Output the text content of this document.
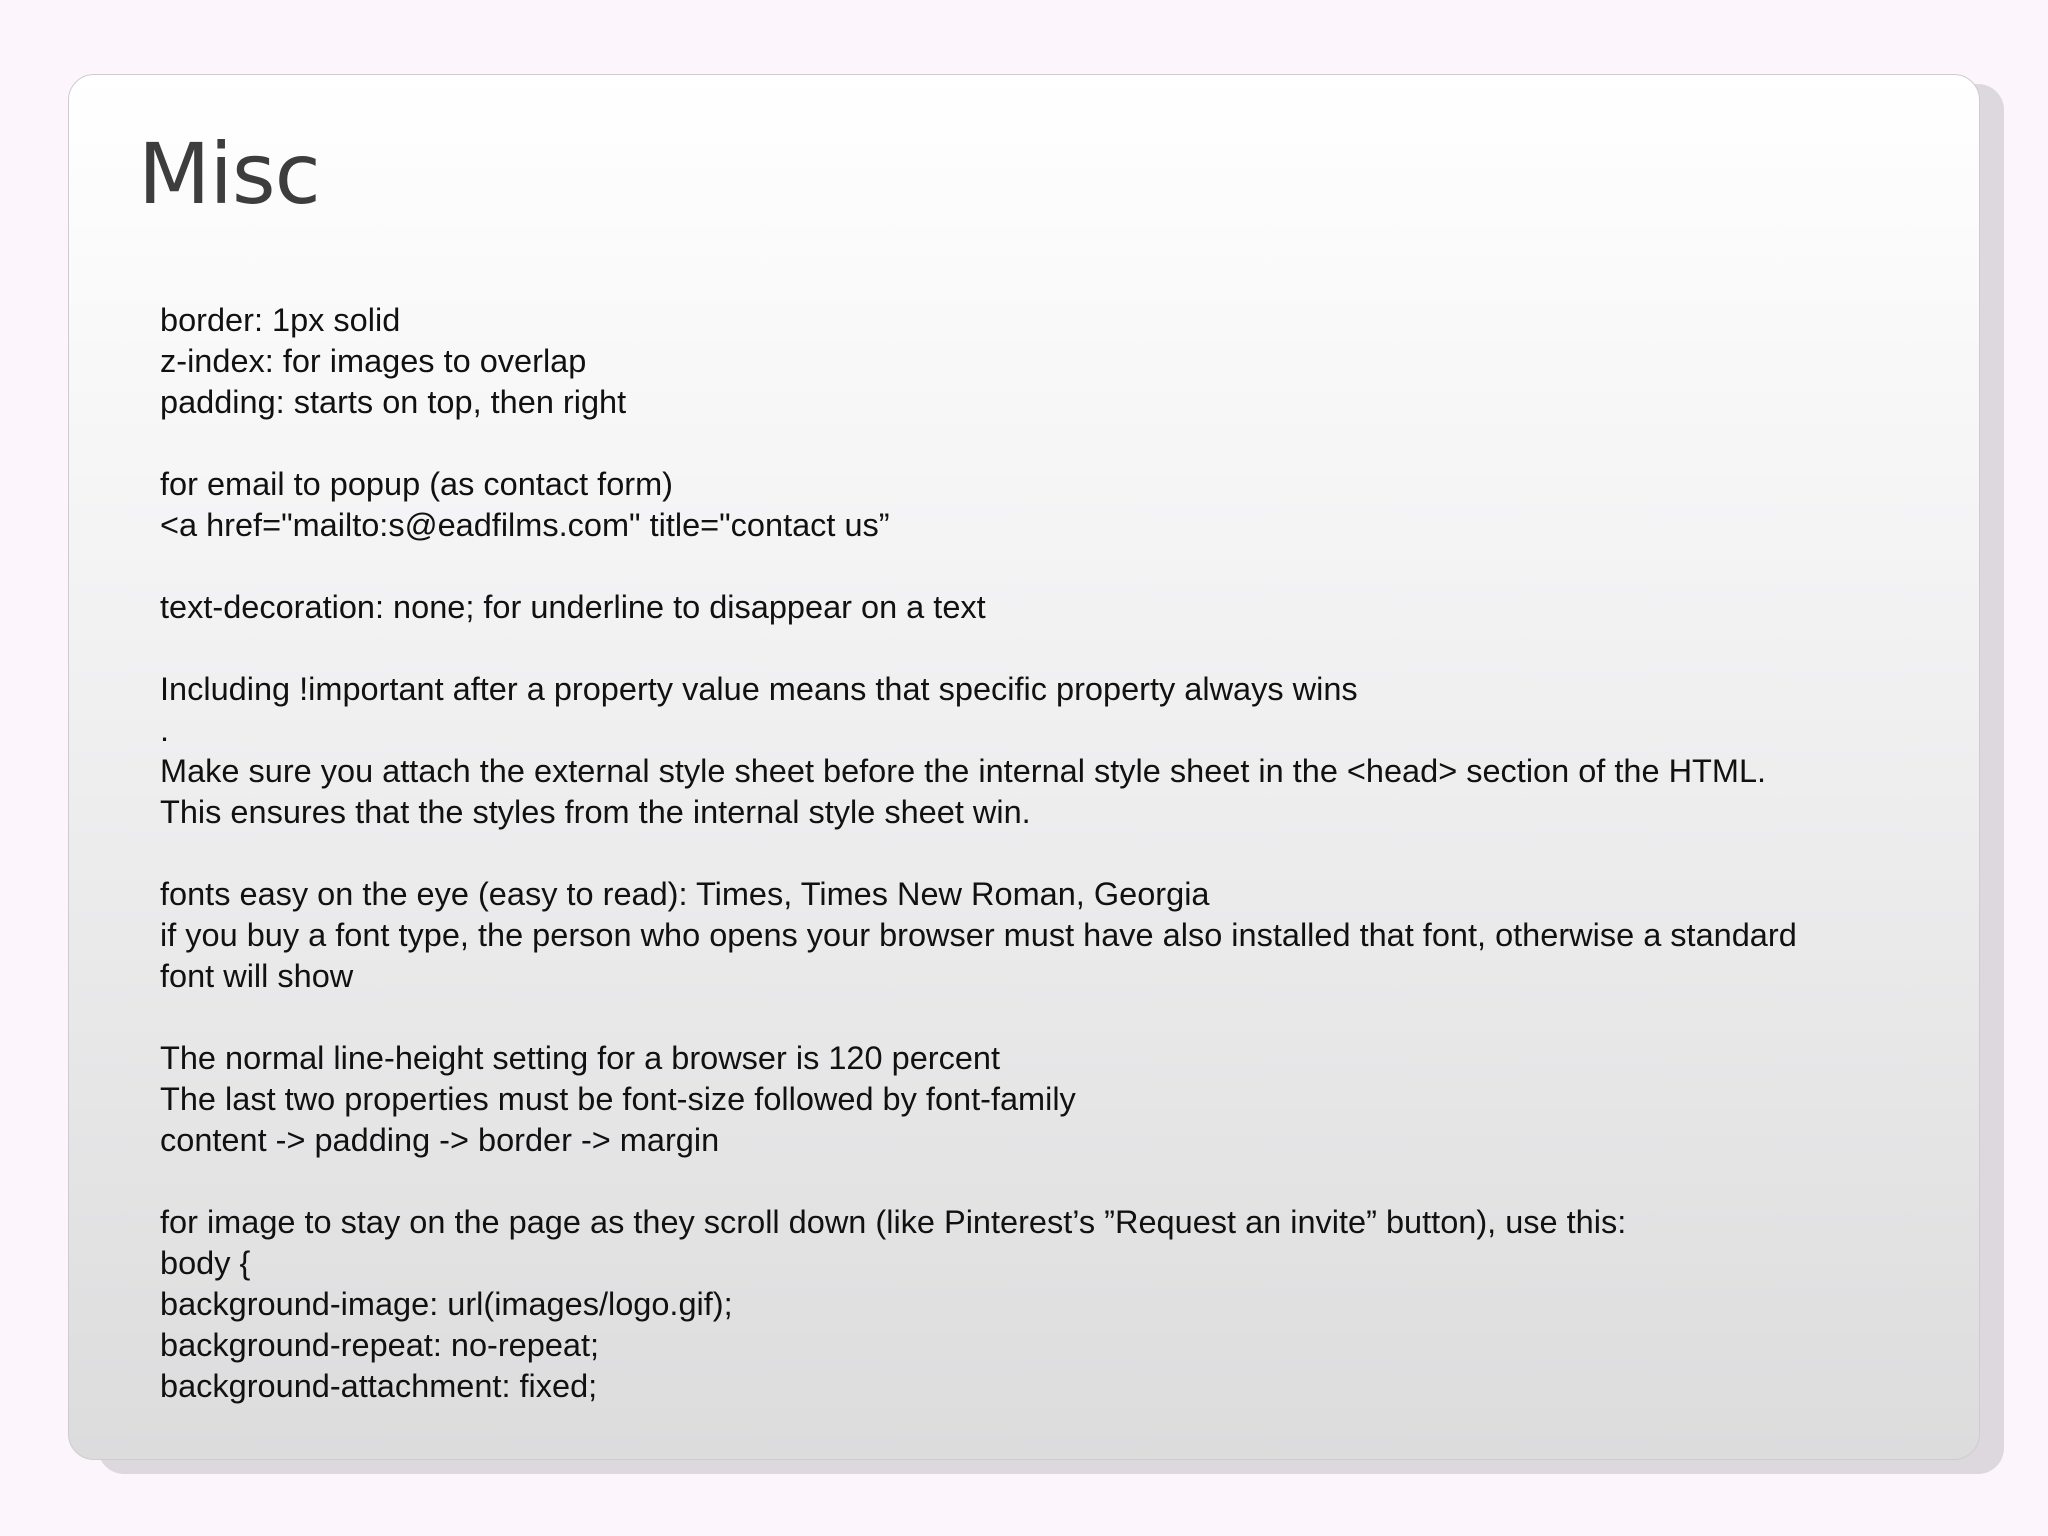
Misc
border: 1px solid
z-index: for images to overlap
padding: starts on top, then right
for email to popup (as contact form)
<a href="mailto:s@eadfilms.com" title="contact us”
text-decoration: none; for underline to disappear on a text
Including !important after a property value means that specific property always wins
.
Make sure you attach the external style sheet before the internal style sheet in the <head> section of the HTML.
This ensures that the styles from the internal style sheet win.
fonts easy on the eye (easy to read): Times, Times New Roman, Georgia
if you buy a font type, the person who opens your browser must have also installed that font, otherwise a standard
font will show
The normal line-height setting for a browser is 120 percent
The last two properties must be font-size followed by font-family
content -> padding -> border -> margin
for image to stay on the page as they scroll down (like Pinterest’s ”Request an invite” button), use this:
body {
background-image: url(images/logo.gif);
background-repeat: no-repeat;
background-attachment: fixed;
